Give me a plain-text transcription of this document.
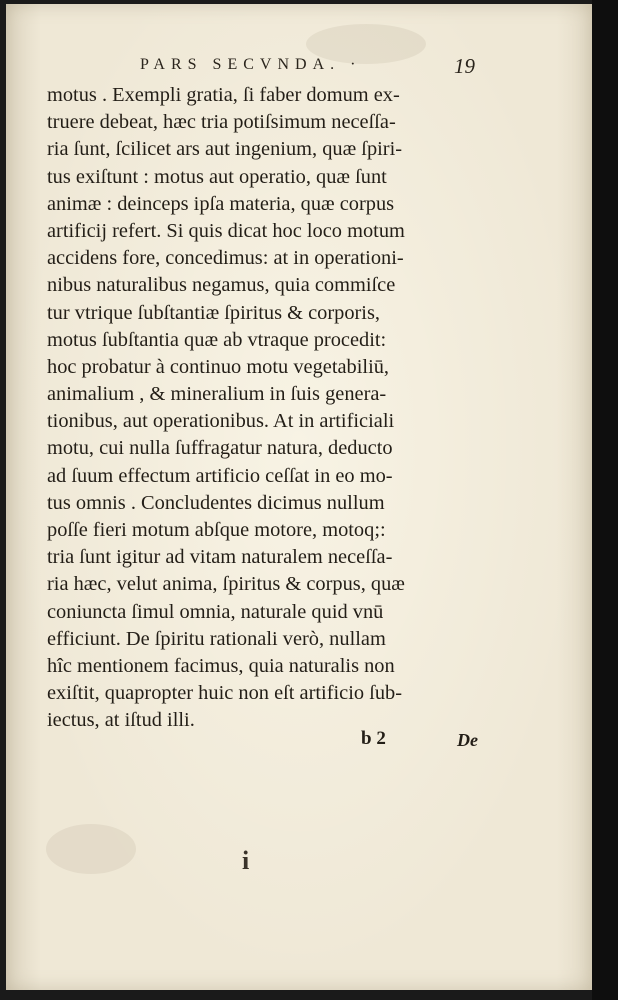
PARS SECVNDA. ·	19
motus . Exempli gratia, ſi faber domum ex-
truere debeat, hæc tria potiſsimum neceſſa-
ria ſunt, ſcilicet ars aut ingenium, quæ ſpiri-
tus exiſtunt : motus aut operatio, quæ ſunt
animæ : deinceps ipſa materia, quæ corpus
artificij refert. Si quis dicat hoc loco motum
accidens fore, concedimus: at in operationi-
nibus naturalibus negamus, quia commiſce
tur vtrique ſubſtantiæ ſpiritus & corporis,
motus ſubſtantia quæ ab vtraque procedit:
hoc probatur à continuo motu vegetabiliū,
animalium , & mineralium in ſuis genera-
tionibus, aut operationibus. At in artificiali
motu, cui nulla ſuffragatur natura, deducto
ad ſuum effectum artificio ceſſat in eo mo-
tus omnis . Concludentes dicimus nullum
poſſe fieri motum abſque motore, motoq;:
tria ſunt igitur ad vitam naturalem neceſſa-
ria hæc, velut anima, ſpiritus & corpus, quæ
coniuncta ſimul omnia, naturale quid vnū
efficiunt. De ſpiritu rationali verò, nullam
hîc mentionem facimus, quia naturalis non
exiſtit, quapropter huic non eſt artificio ſub-
iectus, at iſtud illi.
b 2	De
i
